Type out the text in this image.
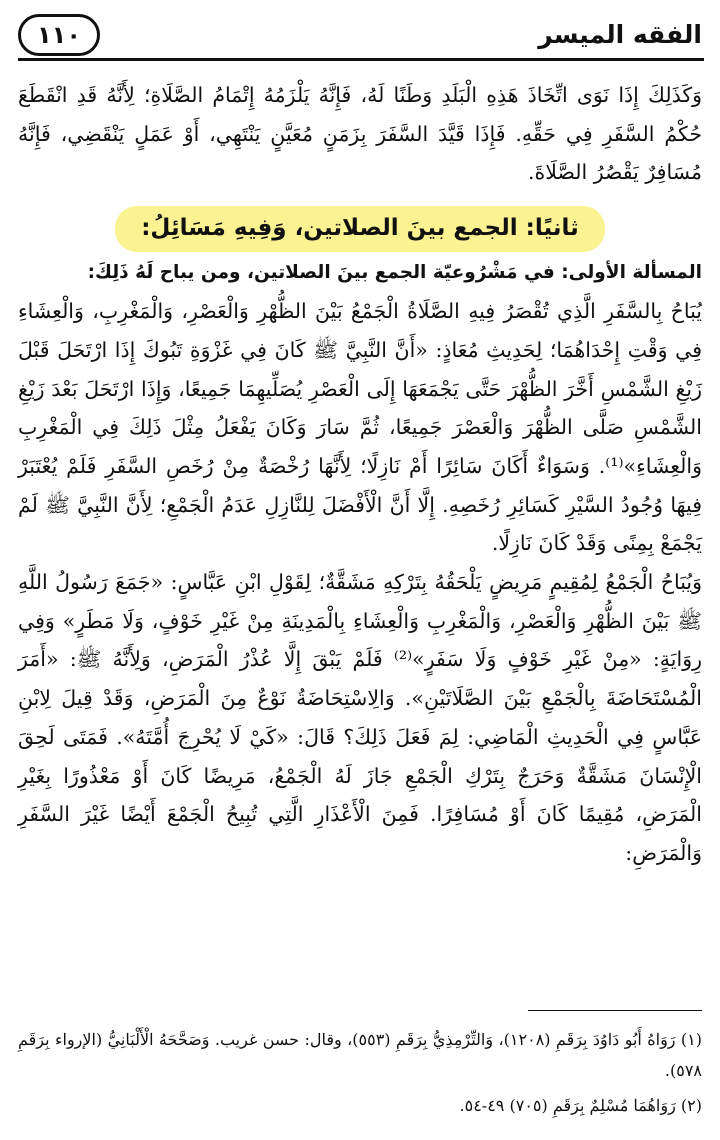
الفقه الميسر
١١٠

وَكَذَلِكَ إِذَا نَوَى اتِّخَاذَ هَذِهِ الْبَلَدِ وَطَنًا لَهُ، فَإِنَّهُ يَلْزَمُهُ إِتْمَامُ الصَّلَاةِ؛ لِأَنَّهُ قَدِ انْقَطَعَ حُكْمُ السَّفَرِ فِي حَقِّهِ. فَإِذَا قَيَّدَ السَّفَرَ بِزَمَنٍ مُعَيَّنٍ يَنْتَهِي، أَوْ عَمَلٍ يَنْقَضِي، فَإِنَّهُ مُسَافِرٌ يَقْصُرُ الصَّلَاةَ.

ثانيًا: الجمع بينَ الصلاتين، وَفِيهِ مَسَائِلُ:
المسألة الأولى: في مَشْرُوعيّة الجمع بينَ الصلاتين، ومن يباح لَهُ ذَلِكَ:

يُبَاحُ بِالسَّفَرِ الَّذِي تُقْصَرُ فِيهِ الصَّلَاةُ الْجَمْعُ بَيْنَ الظُّهْرِ وَالْعَصْرِ، وَالْمَغْرِبِ، وَالْعِشَاءِ فِي وَقْتِ إِحْدَاهُمَا؛ لِحَدِيثِ مُعَاذٍ: «أَنَّ النَّبِيَّ ﷺ كَانَ فِي غَزْوَةِ تَبُوكَ إِذَا ارْتَحَلَ قَبْلَ زَيْغِ الشَّمْسِ أَخَّرَ الظُّهْرَ حَتَّى يَجْمَعَهَا إِلَى الْعَصْرِ يُصَلِّيهِمَا جَمِيعًا، وَإِذَا ارْتَحَلَ بَعْدَ زَيْغِ الشَّمْسِ صَلَّى الظُّهْرَ وَالْعَصْرَ جَمِيعًا، ثُمَّ سَارَ وَكَانَ يَفْعَلُ مِثْلَ ذَلِكَ فِي الْمَغْرِبِ وَالْعِشَاءِ»⁽¹⁾. وَسَوَاءٌ أَكَانَ سَائِرًا أَمْ نَازِلًا؛ لِأَنَّهَا رُخْصَةٌ مِنْ رُخَصِ السَّفَرِ فَلَمْ يُعْتَبَرْ فِيهَا وُجُودُ السَّيْرِ كَسَائِرِ رُخَصِهِ. إِلَّا أَنَّ الْأَفْضَلَ لِلنَّازِلِ عَدَمُ الْجَمْعِ؛ لِأَنَّ النَّبِيَّ ﷺ لَمْ يَجْمَعْ بِمِنًى وَقَدْ كَانَ نَازِلًا.

وَيُبَاحُ الْجَمْعُ لِمُقِيمٍ مَرِيضٍ يَلْحَقُهُ بِتَرْكِهِ مَشَقَّةٌ؛ لِقَوْلِ ابْنِ عَبَّاسٍ: «جَمَعَ رَسُولُ اللَّهِ ﷺ بَيْنَ الظُّهْرِ وَالْعَصْرِ، وَالْمَغْرِبِ وَالْعِشَاءِ بِالْمَدِينَةِ مِنْ غَيْرِ خَوْفٍ، وَلَا مَطَرٍ» وَفِي رِوَايَةٍ: «مِنْ غَيْرِ خَوْفٍ وَلَا سَفَرٍ»⁽²⁾ فَلَمْ يَبْقَ إِلَّا عُذْرُ الْمَرَضِ، وَلِأَنَّهُ ﷺ: «أَمَرَ الْمُسْتَحَاضَةَ بِالْجَمْعِ بَيْنَ الصَّلَاتَيْنِ». وَالِاسْتِحَاضَةُ نَوْعٌ مِنَ الْمَرَضِ، وَقَدْ قِيلَ لِابْنِ عَبَّاسٍ فِي الْحَدِيثِ الْمَاضِي: لِمَ فَعَلَ ذَلِكَ؟ قَالَ: «كَيْ لَا يُحْرِجَ أُمَّتَهُ». فَمَتَى لَحِقَ الْإِنْسَانَ مَشَقَّةٌ وَحَرَجٌ بِتَرْكِ الْجَمْعِ جَازَ لَهُ الْجَمْعُ، مَرِيضًا كَانَ أَوْ مَعْذُورًا بِغَيْرِ الْمَرَضِ، مُقِيمًا كَانَ أَوْ مُسَافِرًا. فَمِنَ الْأَعْذَارِ الَّتِي تُبِيحُ الْجَمْعَ أَيْضًا غَيْرَ السَّفَرِ وَالْمَرَضِ:

(١) رَوَاهُ أَبُو دَاوُدَ بِرَقَمِ (١٢٠٨)، وَالتِّرْمِذِيُّ بِرَقَمِ (٥٥٣)، وقال: حسن غريب. وَصَحَّحَهُ الْأَلْبَانِيُّ (الإرواء بِرَقَمِ ٥٧٨).

(٢) رَوَاهُمَا مُسْلِمٌ بِرَقَمِ (٧٠٥) ٤٩-٥٤.
